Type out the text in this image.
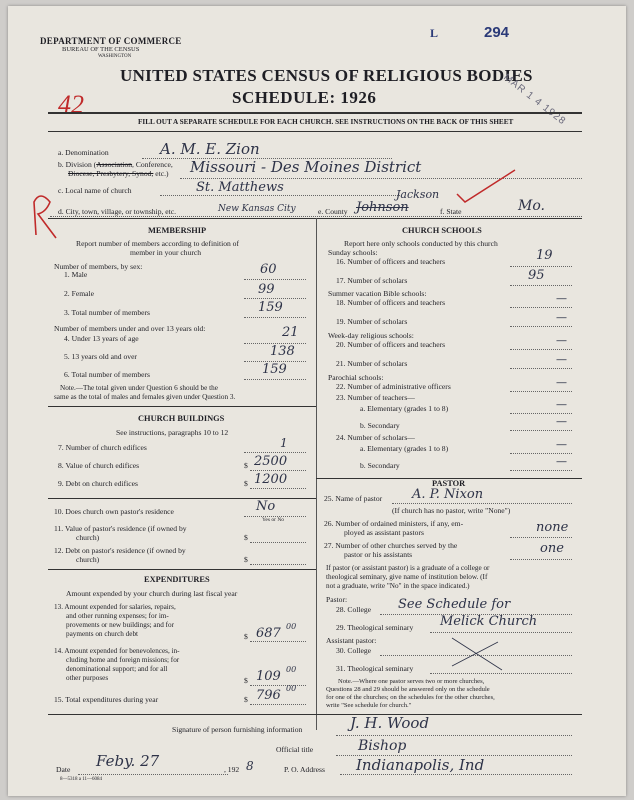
DEPARTMENT OF COMMERCE
BUREAU OF THE CENSUS
WASHINGTON
UNITED STATES CENSUS OF RELIGIOUS BODIES
SCHEDULE: 1926
FILL OUT A SEPARATE SCHEDULE FOR EACH CHURCH. SEE INSTRUCTIONS ON THE BACK OF THIS SHEET
L	294
MAR 1 4 1928
42
a. Denomination	A. M. E. Zion
b. Division (Association, Conference,
Diocese, Presbytery, Synod, etc.) Missouri - Des Moines District
c. Local name of church	St. Matthews
d. City, town, village, or township, etc.	New Kansas City	e. County Johnson
Jackson
f. State	Mo.
MEMBERSHIP
Report number of members according to definition of
member in your church
Number of members, by sex:
1. Male	60
2. Female	99
3. Total number of members	159
Number of members under and over 13 years old:
4. Under 13 years of age	21
5. 13 years old and over	138
6. Total number of members	159
Note.—The total given under Question 6 should be the
same as the total of males and females given under Question 3.
CHURCH BUILDINGS
See instructions, paragraphs 10 to 12
7. Number of church edifices	1
8. Value of church edifices	$ 2500
9. Debt on church edifices	$ 1200
10. Does church own pastor's residence	No
Yes or No
11. Value of pastor's residence (if owned by
church)	$
12. Debt on pastor's residence (if owned by
church)	$
EXPENDITURES
Amount expended by your church during last fiscal year
13. Amount expended for salaries, repairs,
and other running expenses; for im-
provements or new buildings; and for
payments on church debt	$ 687 00
14. Amount expended for benevolences, in-
cluding home and foreign missions; for
denominational support; and for all
other purposes	$ 109 00
15. Total expenditures during year	$ 796 00
CHURCH SCHOOLS
Report here only schools conducted by this church
Sunday schools:
16. Number of officers and teachers	19
17. Number of scholars	95
Summer vacation Bible schools:
18. Number of officers and teachers	—
19. Number of scholars	—
Week-day religious schools:
20. Number of officers and teachers	—
21. Number of scholars	—
Parochial schools:
22. Number of administrative officers	—
23. Number of teachers—
a. Elementary (grades 1 to 8)	—
b. Secondary	—
24. Number of scholars—
a. Elementary (grades 1 to 8)	—
b. Secondary	—
PASTOR
25. Name of pastor A. P. Nixon
(If church has no pastor, write "None")
26. Number of ordained ministers, if any, em-
ployed as assistant pastors	none
27. Number of other churches served by the
pastor or his assistants	one
If pastor (or assistant pastor) is a graduate of a college or
theological seminary, give name of institution below. (If
not a graduate, write "No" in the space indicated.)
Pastor:
28. College See Schedule for
29. Theological seminary Melick Church
Assistant pastor:
30. College
31. Theological seminary
Note.—Where one pastor serves two or more churches,
Questions 28 and 29 should be answered only on the schedule
for one of the churches; on the schedules for the other churches,
write "See schedule for church."
Signature of person furnishing information	J. H. Wood
Official title	Bishop
Date Feby. 27	, 192 8	P. O. Address Indianapolis, Ind
8—5318 a 11—6084
